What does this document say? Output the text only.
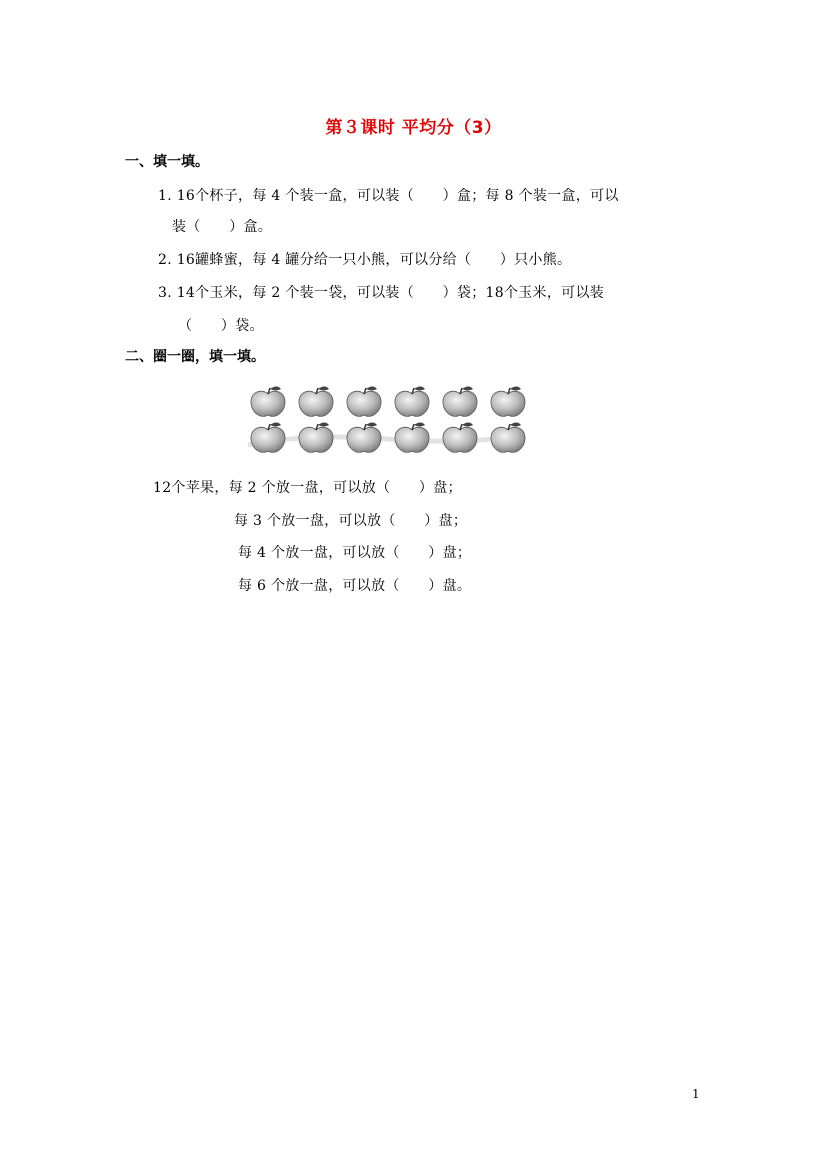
第３课时 平均分（3）
一、填一填。
1. 16个杯子，每 4 个装一盒，可以装（　　）盒；每 8 个装一盒，可以
装（　　）盒。
2. 16罐蜂蜜，每 4 罐分给一只小熊，可以分给（　　）只小熊。
3. 14个玉米，每 2 个装一袋，可以装（　　）袋；18个玉米，可以装
（　　）袋。
二、圈一圈，填一填。
12个苹果，每 2 个放一盘，可以放（　　）盘；
每 3 个放一盘，可以放（　　）盘；
每 4 个放一盘，可以放（　　）盘；
每 6 个放一盘，可以放（　　）盘。
1
